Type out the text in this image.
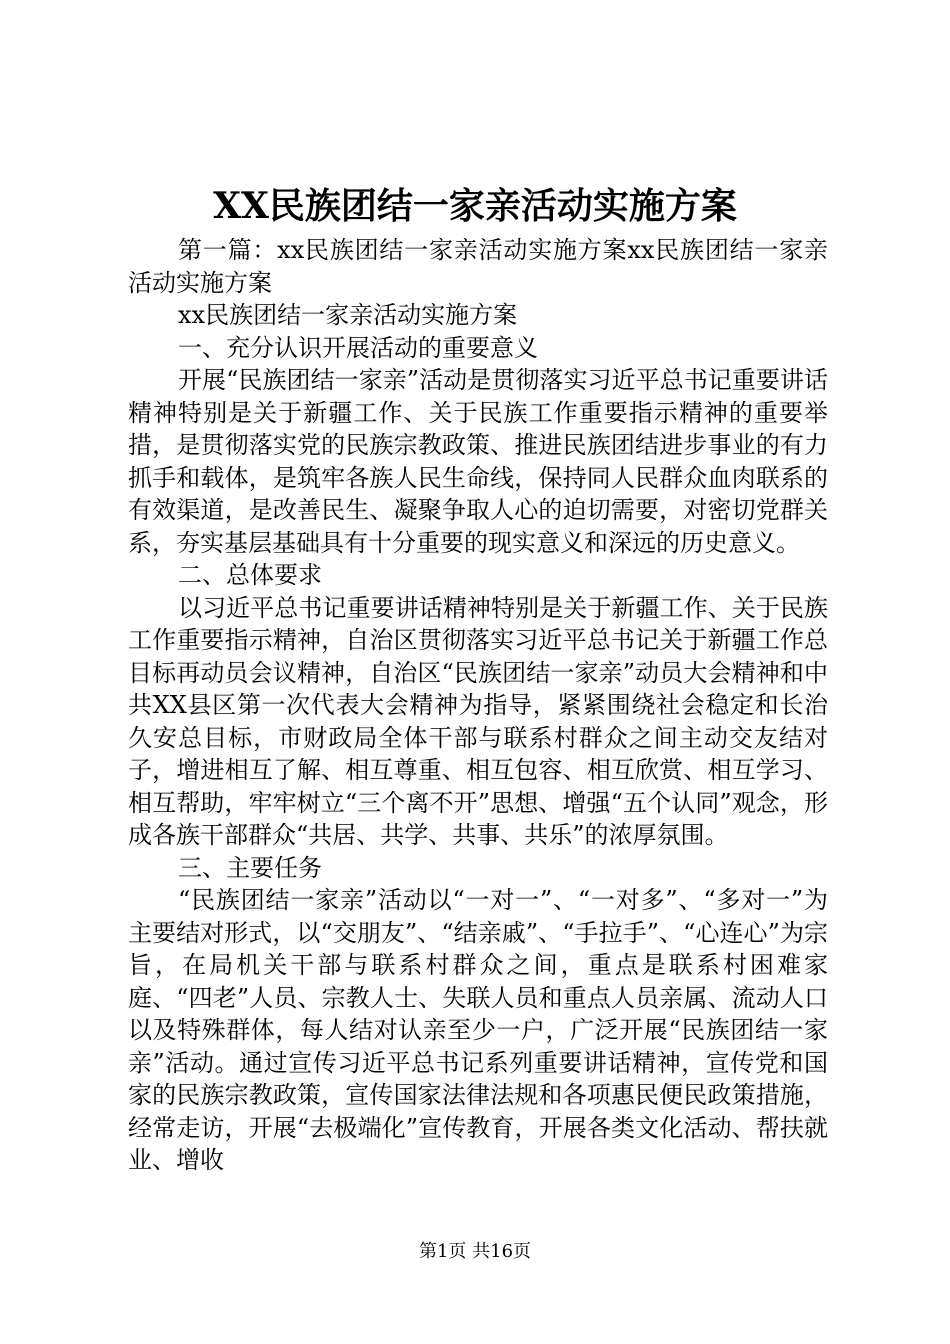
XX民族团结一家亲活动实施方案

第一篇：xx民族团结一家亲活动实施方案xx民族团结一家亲活动实施方案

xx民族团结一家亲活动实施方案

一、充分认识开展活动的重要意义

开展“民族团结一家亲”活动是贯彻落实习近平总书记重要讲话精神特别是关于新疆工作、关于民族工作重要指示精神的重要举措，是贯彻落实党的民族宗教政策、推进民族团结进步事业的有力抓手和载体，是筑牢各族人民生命线，保持同人民群众血肉联系的有效渠道，是改善民生、凝聚争取人心的迫切需要，对密切党群关系，夯实基层基础具有十分重要的现实意义和深远的历史意义。

二、总体要求

以习近平总书记重要讲话精神特别是关于新疆工作、关于民族工作重要指示精神，自治区贯彻落实习近平总书记关于新疆工作总目标再动员会议精神，自治区“民族团结一家亲”动员大会精神和中共XX县区第一次代表大会精神为指导，紧紧围绕社会稳定和长治久安总目标，市财政局全体干部与联系村群众之间主动交友结对子，增进相互了解、相互尊重、相互包容、相互欣赏、相互学习、相互帮助，牢牢树立“三个离不开”思想、增强“五个认同”观念，形成各族干部群众“共居、共学、共事、共乐”的浓厚氛围。

三、主要任务

“民族团结一家亲”活动以“一对一”、“一对多”、“多对一”为主要结对形式，以“交朋友”、“结亲戚”、“手拉手”、“心连心”为宗旨，在局机关干部与联系村群众之间，重点是联系村困难家庭、“四老”人员、宗教人士、失联人员和重点人员亲属、流动人口以及特殊群体，每人结对认亲至少一户，广泛开展“民族团结一家亲”活动。通过宣传习近平总书记系列重要讲话精神，宣传党和国家的民族宗教政策，宣传国家法律法规和各项惠民便民政策措施，经常走访，开展“去极端化”宣传教育，开展各类文化活动、帮扶就业、增收

第1页 共16页
